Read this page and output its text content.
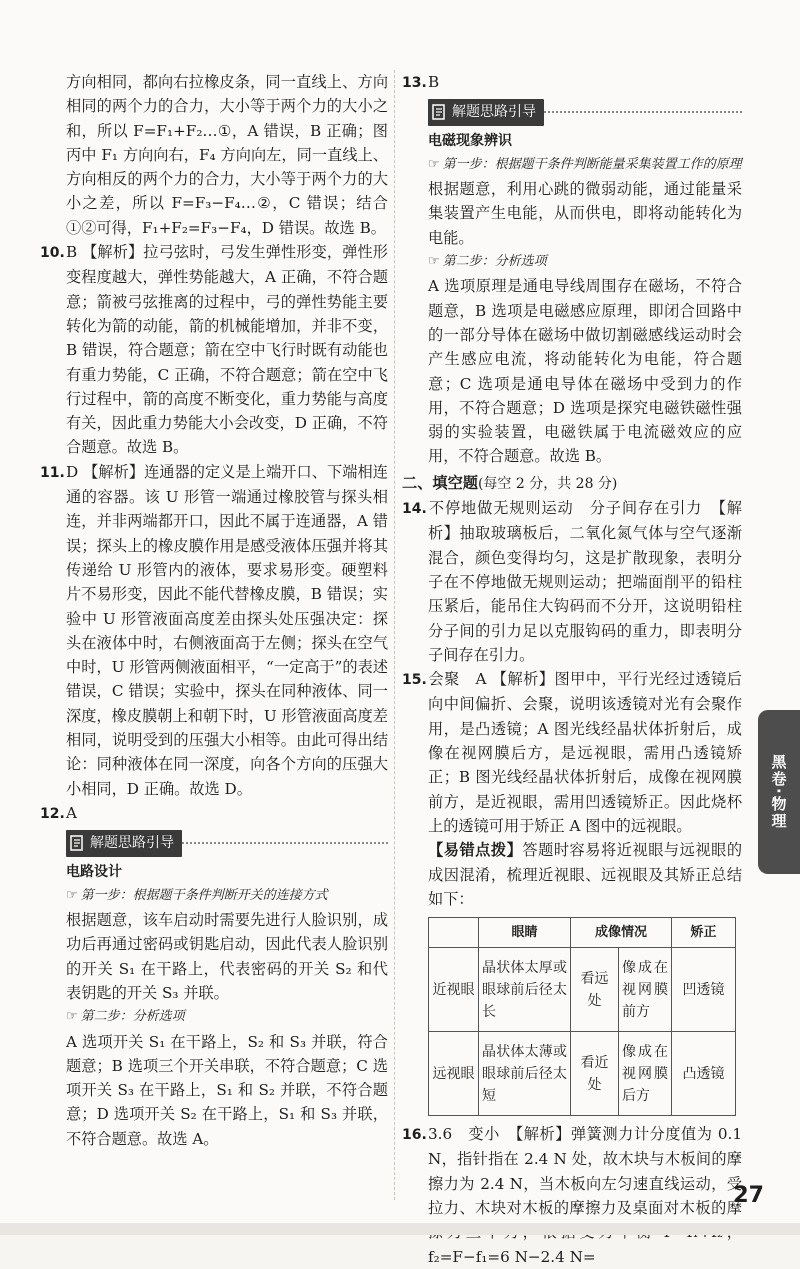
方向相同，都向右拉橡皮条，同一直线上、方向相同的两个力的合力，大小等于两个力的大小之和，所以 F=F₁+F₂…①，A 错误，B 正确；图丙中 F₁ 方向向右，F₄ 方向向左，同一直线上、方向相反的两个力的合力，大小等于两个力的大小之差，所以 F=F₃−F₄…②，C 错误；结合①②可得，F₁+F₂=F₃−F₄，D 错误。故选 B。

10.B 【解析】拉弓弦时，弓发生弹性形变，弹性形变程度越大，弹性势能越大，A 正确，不符合题意；箭被弓弦推离的过程中，弓的弹性势能主要转化为箭的动能，箭的机械能增加，并非不变，B 错误，符合题意；箭在空中飞行时既有动能也有重力势能，C 正确，不符合题意；箭在空中飞行过程中，箭的高度不断变化，重力势能与高度有关，因此重力势能大小会改变，D 正确，不符合题意。故选 B。

11.D 【解析】连通器的定义是上端开口、下端相连通的容器。该 U 形管一端通过橡胶管与探头相连，并非两端都开口，因此不属于连通器，A 错误；探头上的橡皮膜作用是感受液体压强并将其传递给 U 形管内的液体，要求易形变。硬塑料片不易形变，因此不能代替橡皮膜，B 错误；实验中 U 形管液面高度差由探头处压强决定：探头在液体中时，右侧液面高于左侧；探头在空气中时，U 形管两侧液面相平，“一定高于”的表述错误，C 错误；实验中，探头在同种液体、同一深度，橡皮膜朝上和朝下时，U 形管液面高度差相同，说明受到的压强大小相等。由此可得出结论：同种液体在同一深度，向各个方向的压强大小相同，D 正确。故选 D。

12.A

解题思路引导

电路设计

☞ 第一步：根据题干条件判断开关的连接方式

根据题意，该车启动时需要先进行人脸识别，成功后再通过密码或钥匙启动，因此代表人脸识别的开关 S₁ 在干路上，代表密码的开关 S₂ 和代表钥匙的开关 S₃ 并联。

☞ 第二步：分析选项

A 选项开关 S₁ 在干路上，S₂ 和 S₃ 并联，符合题意；B 选项三个开关串联，不符合题意；C 选项开关 S₃ 在干路上，S₁ 和 S₂ 并联，不符合题意；D 选项开关 S₂ 在干路上，S₁ 和 S₃ 并联，不符合题意。故选 A。

13.B

解题思路引导

电磁现象辨识

☞ 第一步：根据题干条件判断能量采集装置工作的原理

根据题意，利用心跳的微弱动能，通过能量采集装置产生电能，从而供电，即将动能转化为电能。

☞ 第二步：分析选项

A 选项原理是通电导线周围存在磁场，不符合题意，B 选项是电磁感应原理，即闭合回路中的一部分导体在磁场中做切割磁感线运动时会产生感应电流，将动能转化为电能，符合题意；C 选项是通电导体在磁场中受到力的作用，不符合题意；D 选项是探究电磁铁磁性强弱的实验装置，电磁铁属于电流磁效应的应用，不符合题意。故选 B。

二、填空题(每空 2 分，共 28 分)

14.不停地做无规则运动　分子间存在引力　【解析】抽取玻璃板后，二氧化氮气体与空气逐渐混合，颜色变得均匀，这是扩散现象，表明分子在不停地做无规则运动；把端面削平的铅柱压紧后，能吊住大钩码而不分开，这说明铅柱分子间的引力足以克服钩码的重力，即表明分子间存在引力。

15.会聚　A 【解析】图甲中，平行光经过透镜后向中间偏折、会聚，说明该透镜对光有会聚作用，是凸透镜；A 图光线经晶状体折射后，成像在视网膜后方，是远视眼，需用凸透镜矫正；B 图光线经晶状体折射后，成像在视网膜前方，是近视眼，需用凹透镜矫正。因此烧杯上的透镜可用于矫正 A 图中的远视眼。

【易错点拨】答题时容易将近视眼与远视眼的成因混淆，梳理近视眼、远视眼及其矫正总结如下：

	眼睛	成像情况		矫正
近视眼	晶状体太厚或眼球前后径太长	看远处	像成在视网膜前方	凹透镜
远视眼	晶状体太薄或眼球前后径太短	看近处	像成在视网膜后方	凸透镜

16.3.6　变小　【解析】弹簧测力计分度值为 0.1 N，指针指在 2.4 N 处，故木块与木板间的摩擦力为 2.4 N，当木板向左匀速直线运动，受拉力、木块对木板的摩擦力及桌面对木板的摩 f₂=F−f₁=6 N−2.4 N=

黑卷·物理
27
